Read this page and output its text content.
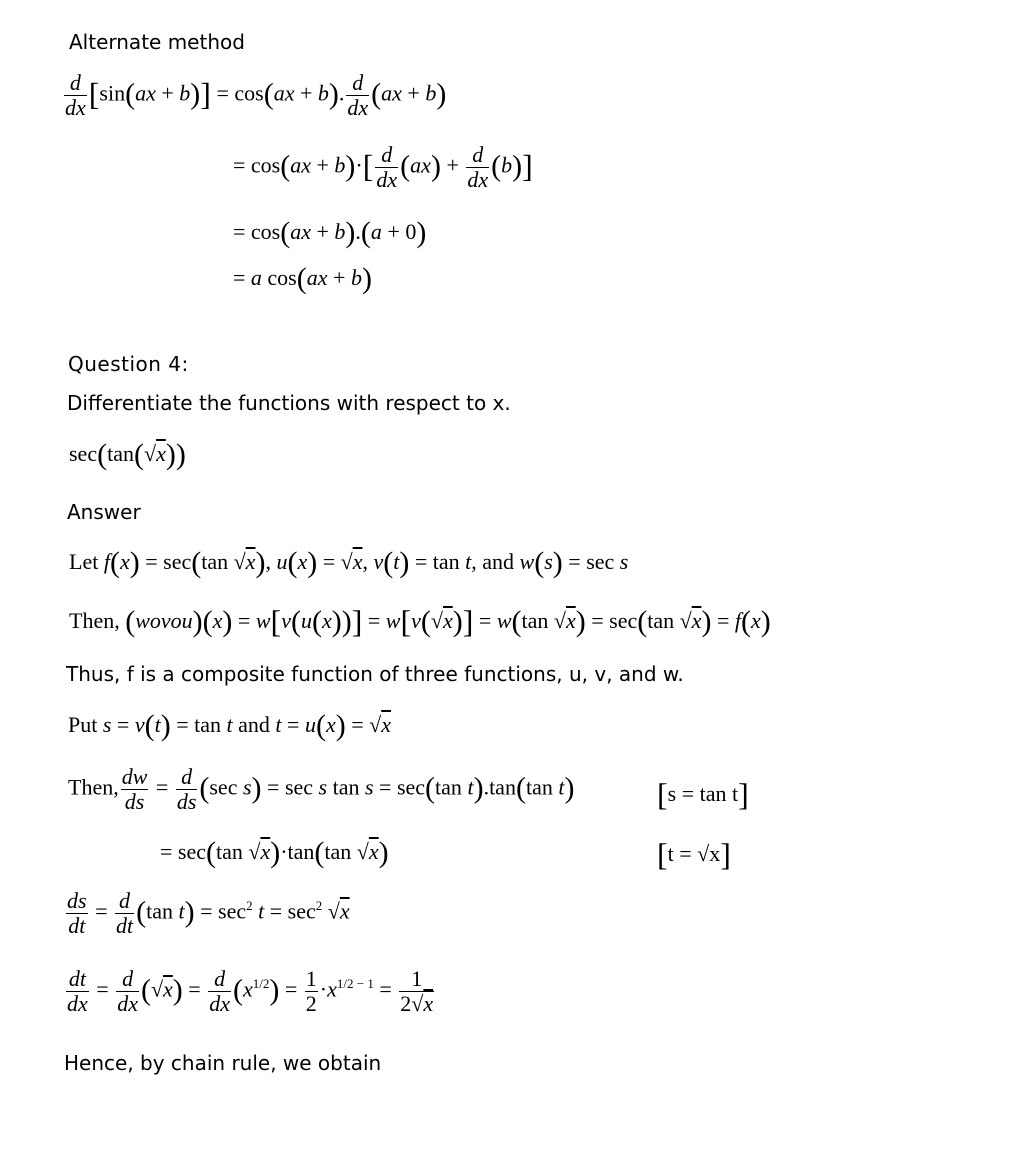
Alternate method
$\frac{d}{dx} [\sin(ax + b)] = \cos(ax + b)$. $\frac{d}{dx} (ax + b)$
= $\cos(ax + b)\cdot[ \frac{d}{dx} (ax) + \frac{d}{dx} (b)]$
= cos(ax + b).(a + 0)
= a cos(ax + b)
Question 4:
Differentiate the functions with respect to x.
sec(tan(√x))
Answer
Let f(x) = sec(tan √x), u(x) = √x, v(t) = tan t, and w(s) = sec s
Then, (wovou)(x) = w[v(u(x))] = w[v(√x)] = w(tan √x) = sec(tan √x) = f(x)
Thus, f is a composite function of three functions, u, v, and w.
Put s = v(t) = tan t and t = u(x) = √x
Then, $\frac{dw}{ds} = \frac{d}{ds} (\sec$ s) = sec s tan s = sec(tan t).tan(tan t)	[s = tan t]
= sec(tan √x)·tan(tan √x)	[t = √x]
$\frac{ds}{dt} = \frac{d}{dt} (\tan$ $t) = \sec^2 t = \sec^2 √x$
$\frac{dt}{dx} = \frac{d}{dx} (√x) = \frac{d}{dx} (x^{1/2}) = \frac{1}{2} \cdot x^{1/2 - 1} = \frac{1}{2√x}$
Hence, by chain rule, we obtain
